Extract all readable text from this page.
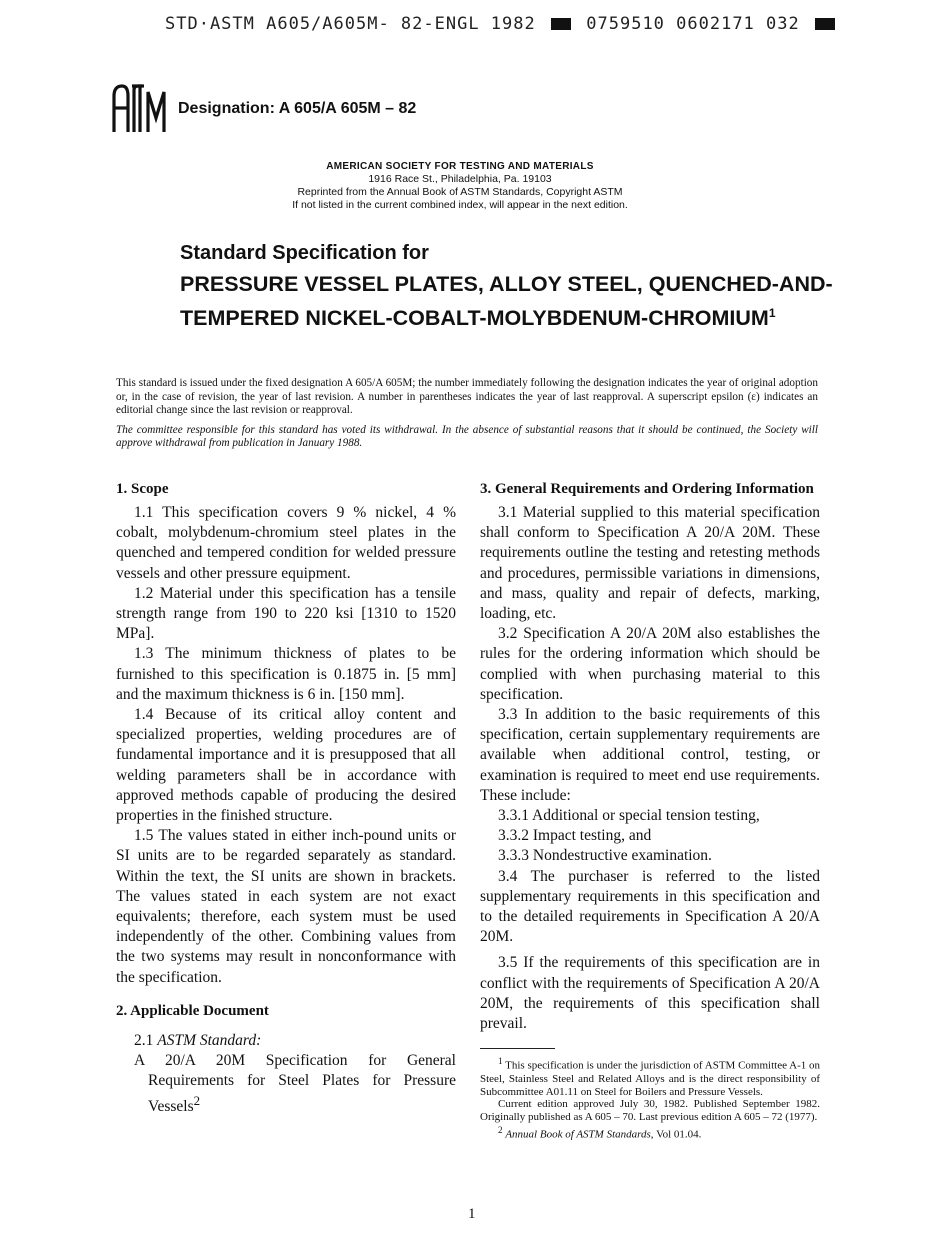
STD·ASTM A605/A605M- 82-ENGL 1982	0759510 0602171 032
ASTM
Designation: A 605/A 605M – 82
AMERICAN SOCIETY FOR TESTING AND MATERIALS
1916 Race St., Philadelphia, Pa. 19103
Reprinted from the Annual Book of ASTM Standards, Copyright ASTM
If not listed in the current combined index, will appear in the next edition.
Standard Specification for
PRESSURE VESSEL PLATES, ALLOY STEEL, QUENCHED-AND-TEMPERED NICKEL-COBALT-MOLYBDENUM-CHROMIUM$^1$

This standard is issued under the fixed designation A 605/A 605M; the number immediately following the designation indicates the year of original adoption or, in the case of revision, the year of last revision. A number in parentheses indicates the year of last reapproval. A superscript epsilon (ε) indicates an editorial change since the last revision or reapproval.

The committee responsible for this standard has voted its withdrawal. In the absence of substantial reasons that it should be continued, the Society will approve withdrawal from publication in January 1988.

1. Scope

1.1 This specification covers 9 % nickel, 4 % cobalt, molybdenum-chromium steel plates in the quenched and tempered condition for welded pressure vessels and other pressure equipment.

1.2 Material under this specification has a tensile strength range from 190 to 220 ksi [1310 to 1520 MPa].

1.3 The minimum thickness of plates to be furnished to this specification is 0.1875 in. [5 mm] and the maximum thickness is 6 in. [150 mm].

1.4 Because of its critical alloy content and specialized properties, welding procedures are of fundamental importance and it is presupposed that all welding parameters shall be in accordance with approved methods capable of producing the desired properties in the finished structure.

1.5 The values stated in either inch-pound units or SI units are to be regarded separately as standard. Within the text, the SI units are shown in brackets. The values stated in each system are not exact equivalents; therefore, each system must be used independently of the other. Combining values from the two systems may result in nonconformance with the specification.

2. Applicable Document

2.1 ASTM Standard:

A 20/A 20M Specification for General Requirements for Steel Plates for Pressure Vessels$^2$

3. General Requirements and Ordering Information

3.1 Material supplied to this material specification shall conform to Specification A 20/A 20M. These requirements outline the testing and retesting methods and procedures, permissible variations in dimensions, and mass, quality and repair of defects, marking, loading, etc.

3.2 Specification A 20/A 20M also establishes the rules for the ordering information which should be complied with when purchasing material to this specification.

3.3 In addition to the basic requirements of this specification, certain supplementary requirements are available when additional control, testing, or examination is required to meet end use requirements. These include:

3.3.1 Additional or special tension testing,

3.3.2 Impact testing, and

3.3.3 Nondestructive examination.

3.4 The purchaser is referred to the listed supplementary requirements in this specification and to the detailed requirements in Specification A 20/A 20M.

3.5 If the requirements of this specification are in conflict with the requirements of Specification A 20/A 20M, the requirements of this specification shall prevail.

$^1$ This specification is under the jurisdiction of ASTM Committee A-1 on Steel, Stainless Steel and Related Alloys and is the direct responsibility of Subcommittee A01.11 on Steel for Boilers and Pressure Vessels.

Current edition approved July 30, 1982. Published September 1982. Originally published as A 605 – 70. Last previous edition A 605 – 72 (1977).

$^2$ Annual Book of ASTM Standards, Vol 01.04.

1
